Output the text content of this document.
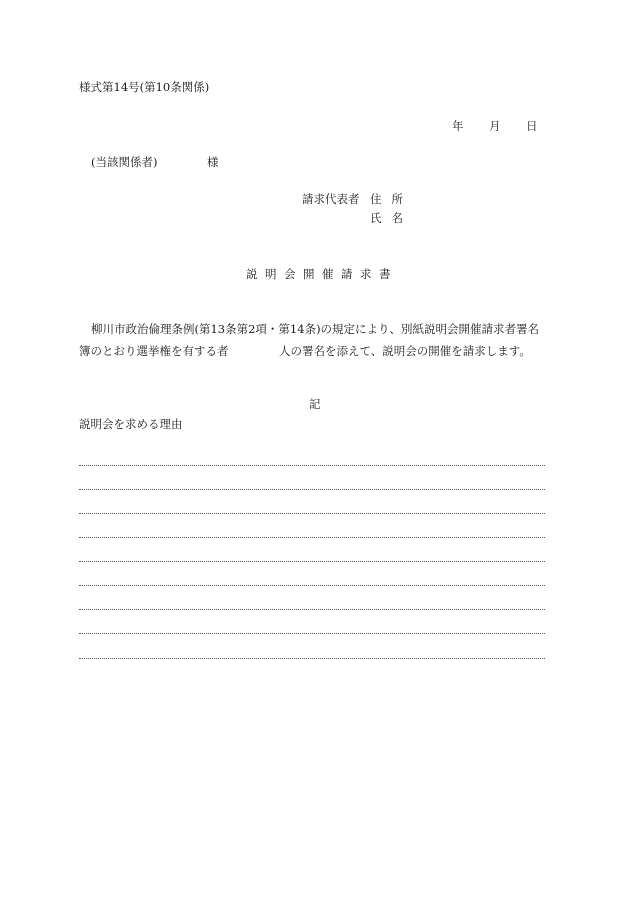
様式第14号(第10条関係)
年 月 日
(当該関係者)	様
請求代表者 住所
氏名
説明会開催請求書
柳川市政治倫理条例(第13条第2項・第14条)の規定により、別紙説明会開催請求者署名
簿のとおり選挙権を有する者	人の署名を添えて、説明会の開催を請求します。
記
説明会を求める理由
